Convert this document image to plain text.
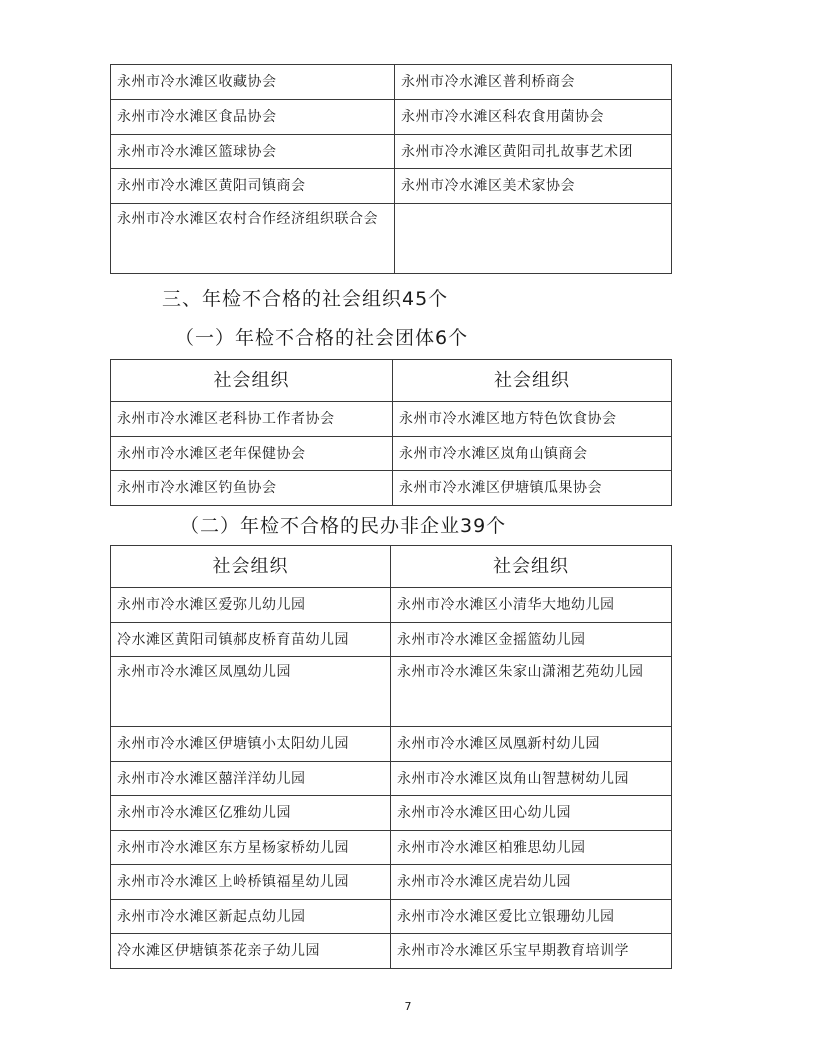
永州市冷水滩区收藏协会	永州市冷水滩区普利桥商会
永州市冷水滩区食品协会	永州市冷水滩区科农食用菌协会
永州市冷水滩区篮球协会	永州市冷水滩区黄阳司扎故事艺术团
永州市冷水滩区黄阳司镇商会	永州市冷水滩区美术家协会
永州市冷水滩区农村合作经济组织联合会	
三、年检不合格的社会组织45个
（一）年检不合格的社会团体6个
社会组织	社会组织
永州市冷水滩区老科协工作者协会	永州市冷水滩区地方特色饮食协会
永州市冷水滩区老年保健协会	永州市冷水滩区岚角山镇商会
永州市冷水滩区钓鱼协会	永州市冷水滩区伊塘镇瓜果协会
（二）年检不合格的民办非企业39个
社会组织	社会组织
永州市冷水滩区爱弥儿幼儿园	永州市冷水滩区小清华大地幼儿园
冷水滩区黄阳司镇郝皮桥育苗幼儿园	永州市冷水滩区金摇篮幼儿园
永州市冷水滩区凤凰幼儿园	永州市冷水滩区朱家山潇湘艺苑幼儿园
永州市冷水滩区伊塘镇小太阳幼儿园	永州市冷水滩区凤凰新村幼儿园
永州市冷水滩区囍洋洋幼儿园	永州市冷水滩区岚角山智慧树幼儿园
永州市冷水滩区亿雅幼儿园	永州市冷水滩区田心幼儿园
永州市冷水滩区东方星杨家桥幼儿园	永州市冷水滩区柏雅思幼儿园
永州市冷水滩区上岭桥镇福星幼儿园	永州市冷水滩区虎岩幼儿园
永州市冷水滩区新起点幼儿园	永州市冷水滩区爱比立银珊幼儿园
冷水滩区伊塘镇茶花亲子幼儿园	永州市冷水滩区乐宝早期教育培训学
7
